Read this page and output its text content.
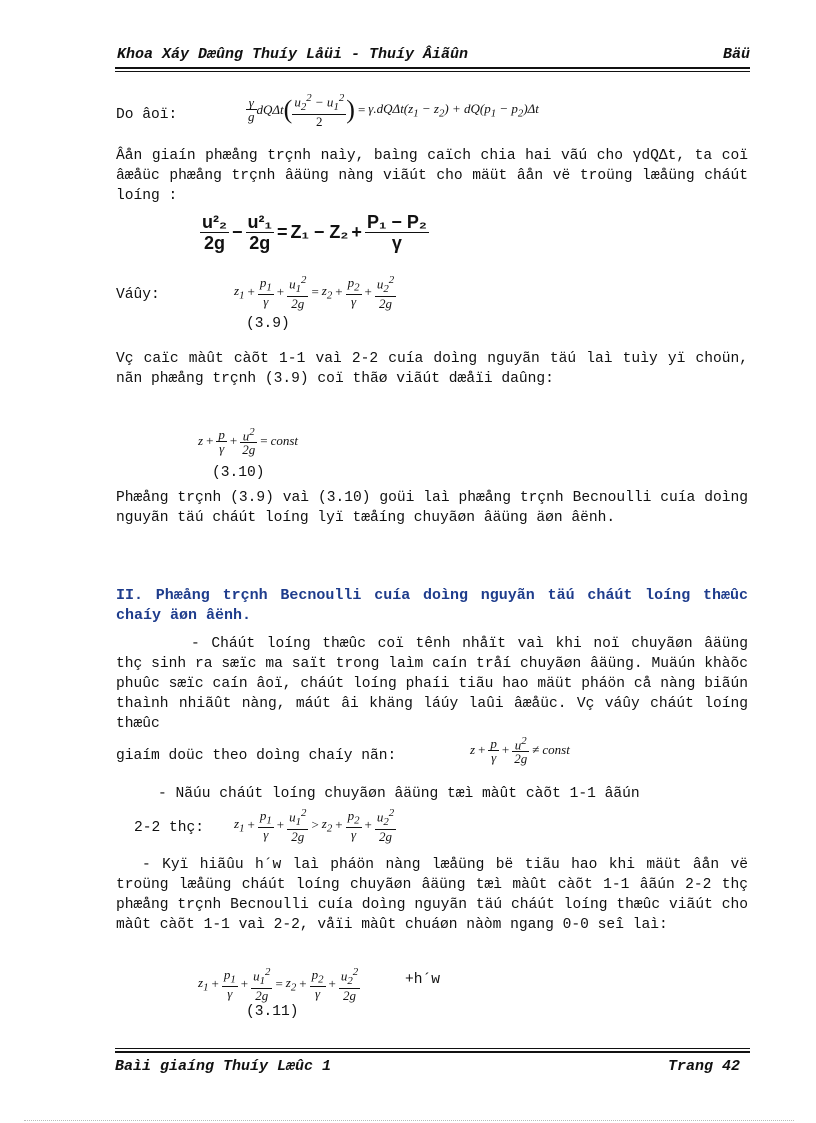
Khoa Xáy Dæûng Thuíy Låüi - Thuíy Âiãûn	Bäü
Do âoï:	$\frac{\gamma}{g}$ dQΔt ( $\frac{u_2^2 - u_1^2}{2}$ ) = $\gamma.dQ\Delta t(z_1 - z_2) + dQ(p_1 - p_2)\Delta t$
Âån giaín phæång trçnh naìy, baìng caïch chia hai vãú cho γdQΔt, ta coï âæåüc phæång trçnh âäüng nàng viãút cho mäüt âån vë troüng læåüng cháút loíng :
$\frac{\text{u²₂}}{2g} - \frac{\text{u²₁}}{2g} = Z_1 - Z_2 + \frac{\text{P₁ − P₂}}{\gamma}$
Váûy:	$z_1 + \frac{p_1}{\gamma} + \frac{u_1^2}{2g} = z_2 + \frac{p_2}{\gamma} + \frac{u_2^2}{2g}$
(3.9)
Vç caïc màût càõt 1-1 vaì 2-2 cuía doìng nguyãn täú laì tuìy yï choün, nãn phæång trçnh (3.9) coï thãø viãút dæåïi daûng:
$z + \frac{p}{\gamma} + \frac{u^2}{2g}$ = const
(3.10)
Phæång trçnh (3.9) vaì (3.10) goüi laì phæång trçnh Becnoulli cuía doìng nguyãn täú cháút loíng lyï tæåíng chuyãøn âäüng äøn âënh.
II. Phæång trçnh Becnoulli cuía doìng nguyãn täú cháút loíng thæûc chaíy äøn âënh.
- Cháút loíng thæûc coï tênh nhåït vaì khi noï chuyãøn âäüng thç sinh ra sæïc ma saït trong laìm caín tråí chuyãøn âäüng. Muäún khàõc phuûc sæïc caín âoï, cháút loíng phaíi tiãu hao mäüt pháön cå nàng biãún thaình nhiãût nàng, máút âi khäng láúy laûi âæåüc. Vç váûy cháút loíng thæûc
giaím doüc theo doìng chaíy nãn:	$z + \frac{p}{\gamma} + \frac{u^2}{2g}$ ≠ const
- Nãúu cháút loíng chuyãøn âäüng tæì màût càõt 1-1 âãún
2-2 thç: $z_1 + \frac{p_1}{\gamma} + \frac{u_1^2}{2g} > z_2 + \frac{p_2}{\gamma} + \frac{u_2^2}{2g}$
- Kyï hiãûu h´w laì pháön nàng læåüng bë tiãu hao khi mäüt âån vë troüng læåüng cháút loíng chuyãøn âäüng tæì màût càõt 1-1 âãún 2-2 thç phæång trçnh Becnoulli cuía doìng nguyãn täú cháút loíng thæûc viãút cho màût càõt 1-1 vaì 2-2, våïi màût chuáøn nàòm ngang 0-0 seî laì:
$z_1 + \frac{p_1}{\gamma} + \frac{u_1^2}{2g} = z_2 + \frac{p_2}{\gamma} + \frac{u_2^2}{2g}$	+h´w
(3.11)
Baìi giaíng Thuíy Læûc 1	Trang 42
